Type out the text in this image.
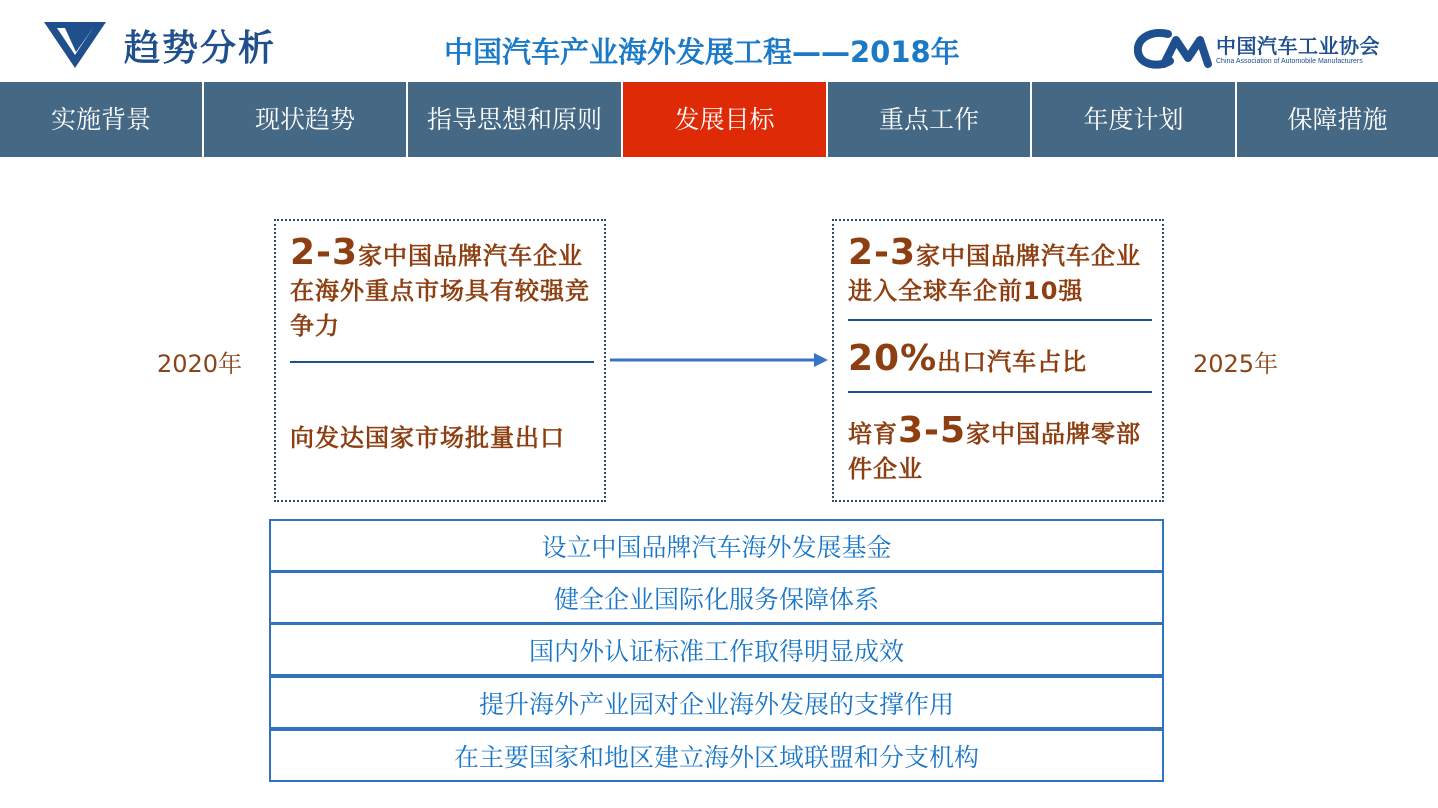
趋势分析	中国汽车产业海外发展工程——2018年	中国汽车工业协会
China Association of Automobile Manufacturers
实施背景	现状趋势	指导思想和原则	发展目标	重点工作	年度计划	保障措施
2020年	2025年
2-3家中国品牌汽车企业在海外重点市场具有较强竞争力
向发达国家市场批量出口
2-3家中国品牌汽车企业进入全球车企前10强
20%出口汽车占比
培育3-5家中国品牌零部件企业
设立中国品牌汽车海外发展基金
健全企业国际化服务保障体系
国内外认证标准工作取得明显成效
提升海外产业园对企业海外发展的支撑作用
在主要国家和地区建立海外区域联盟和分支机构
